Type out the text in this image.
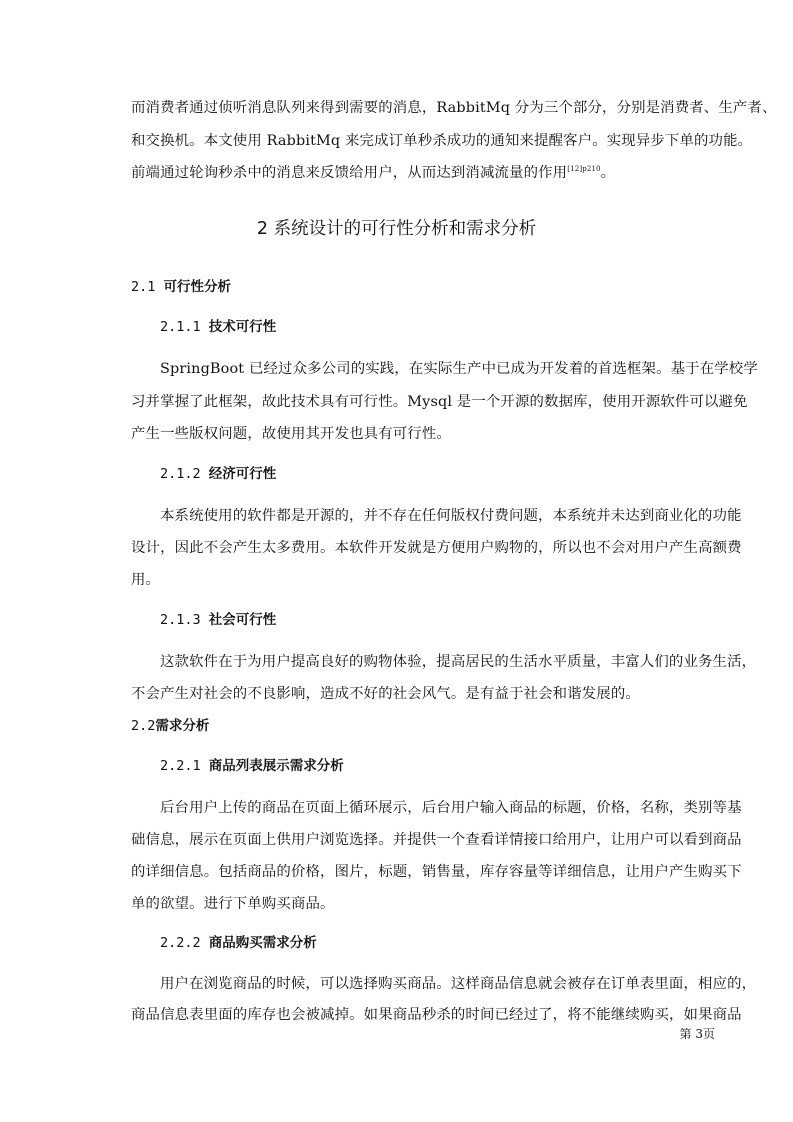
而消费者通过侦听消息队列来得到需要的消息，RabbitMq 分为三个部分，分别是消费者、生产者、
和交换机。本文使用 RabbitMq 来完成订单秒杀成功的通知来提醒客户。实现异步下单的功能。
前端通过轮询秒杀中的消息来反馈给用户，从而达到消减流量的作用$^{[12]p210}$。
2 系统设计的可行性分析和需求分析
2.1 可行性分析
2.1.1 技术可行性
SpringBoot 已经过众多公司的实践，在实际生产中已成为开发着的首选框架。基于在学校学
习并掌握了此框架，故此技术具有可行性。Mysql 是一个开源的数据库，使用开源软件可以避免
产生一些版权问题，故使用其开发也具有可行性。
2.1.2 经济可行性
本系统使用的软件都是开源的，并不存在任何版权付费问题，本系统并未达到商业化的功能
设计，因此不会产生太多费用。本软件开发就是方便用户购物的，所以也不会对用户产生高额费
用。
2.1.3 社会可行性
这款软件在于为用户提高良好的购物体验，提高居民的生活水平质量，丰富人们的业务生活，
不会产生对社会的不良影响，造成不好的社会风气。是有益于社会和谐发展的。
2.2需求分析
2.2.1 商品列表展示需求分析
后台用户上传的商品在页面上循环展示，后台用户输入商品的标题，价格，名称，类别等基
础信息，展示在页面上供用户浏览选择。并提供一个查看详情接口给用户，让用户可以看到商品
的详细信息。包括商品的价格，图片，标题，销售量，库存容量等详细信息，让用户产生购买下
单的欲望。进行下单购买商品。
2.2.2 商品购买需求分析
用户在浏览商品的时候，可以选择购买商品。这样商品信息就会被存在订单表里面，相应的，
商品信息表里面的库存也会被减掉。如果商品秒杀的时间已经过了，将不能继续购买，如果商品
第 3页
